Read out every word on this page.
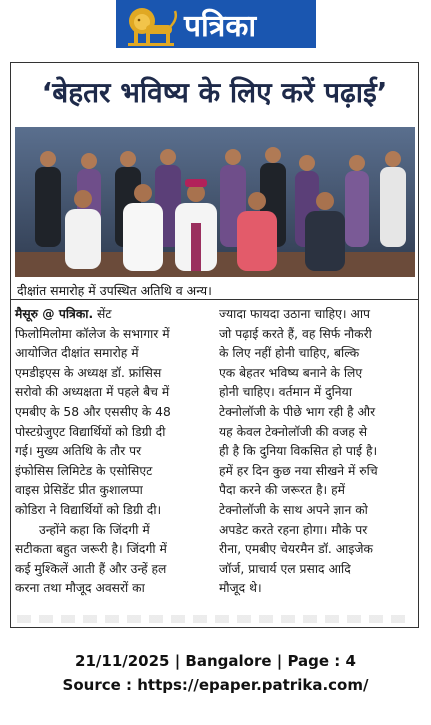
पत्रिका
‘बेहतर भविष्य के लिए करें पढ़ाई’
दीक्षांत समारोह में उपस्थित अतिथि व अन्य।

मैसूरु @ पत्रिका. सेंट

फिलोमिलोमा कॉलेज के सभागार में

आयोजित दीक्षांत समारोह में

एमडीइएस के अध्यक्ष डॉ. फ्रांसिस

सरोवो की अध्यक्षता में पहले बैच में

एमबीए के 58 और एससीए के 48

पोस्टग्रेजुएट विद्यार्थियों को डिग्री दी

गई। मुख्य अतिथि के तौर पर

इंफोसिस लिमिटेड के एसोसिएट

वाइस प्रेसिडेंट प्रीत कुशालप्पा

कोडिरा ने विद्यार्थियों को डिग्री दी।

उन्होंने कहा कि जिंदगी में

सटीकता बहुत जरूरी है। जिंदगी में

कई मुश्किलें आती हैं और उन्हें हल

करना तथा मौजूद अवसरों का

ज्यादा फायदा उठाना चाहिए। आप

जो पढ़ाई करते हैं, वह सिर्फ नौकरी

के लिए नहीं होनी चाहिए, बल्कि

एक बेहतर भविष्य बनाने के लिए

होनी चाहिए। वर्तमान में दुनिया

टेक्नोलॉजी के पीछे भाग रही है और

यह केवल टेक्नोलॉजी की वजह से

ही है कि दुनिया विकसित हो पाई है।

हमें हर दिन कुछ नया सीखने में रुचि

पैदा करने की जरूरत है। हमें

टेक्नोलॉजी के साथ अपने ज्ञान को

अपडेट करते रहना होगा। मौके पर

रीना, एमबीए चेयरमैन डॉ. आइजेक

जॉर्ज, प्राचार्य एल प्रसाद आदि

मौजूद थे।

21/11/2025 | Bangalore | Page : 4
Source : https://epaper.patrika.com/
